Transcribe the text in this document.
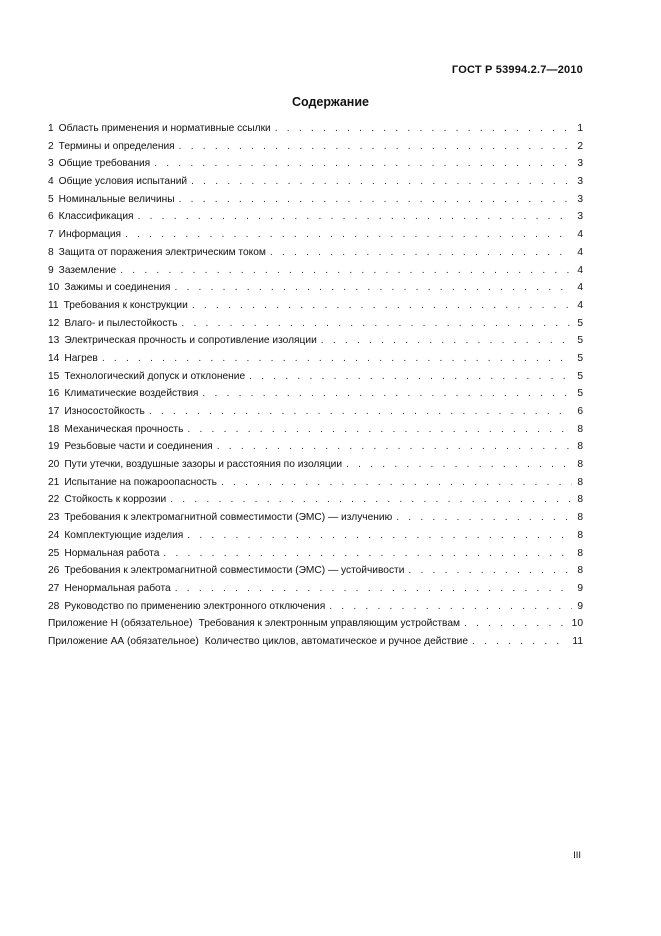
ГОСТ Р 53994.2.7—2010
Содержание
1 Область применения и нормативные ссылки . . .	1
2 Термины и определения . . .	2
3 Общие требования . . .	3
4 Общие условия испытаний . . .	3
5 Номинальные величины . . .	3
6 Классификация . . .	3
7 Информация . . .	4
8 Защита от поражения электрическим током . . .	4
9 Заземление . . .	4
10 Зажимы и соединения . . .	4
11 Требования к конструкции . . .	4
12 Влаго- и пылестойкость . . .	5
13 Электрическая прочность и сопротивление изоляции . . .	5
14 Нагрев . . .	5
15 Технологический допуск и отклонение . . .	5
16 Климатические воздействия . . .	5
17 Износостойкость . . .	6
18 Механическая прочность . . .	8
19 Резьбовые части и соединения . . .	8
20 Пути утечки, воздушные зазоры и расстояния по изоляции . . .	8
21 Испытание на пожароопасность . . .	8
22 Стойкость к коррозии . . .	8
23 Требования к электромагнитной совместимости (ЭМС) — излучению . . .	8
24 Комплектующие изделия . . .	8
25 Нормальная работа . . .	8
26 Требования к электромагнитной совместимости (ЭМС) — устойчивости . . .	8
27 Ненормальная работа . . .	9
28 Руководство по применению электронного отключения . . .	9
Приложение Н (обязательное) Требования к электронным управляющим устройствам . . .	10
Приложение АА (обязательное) Количество циклов, автоматическое и ручное действие . . .	11
III
